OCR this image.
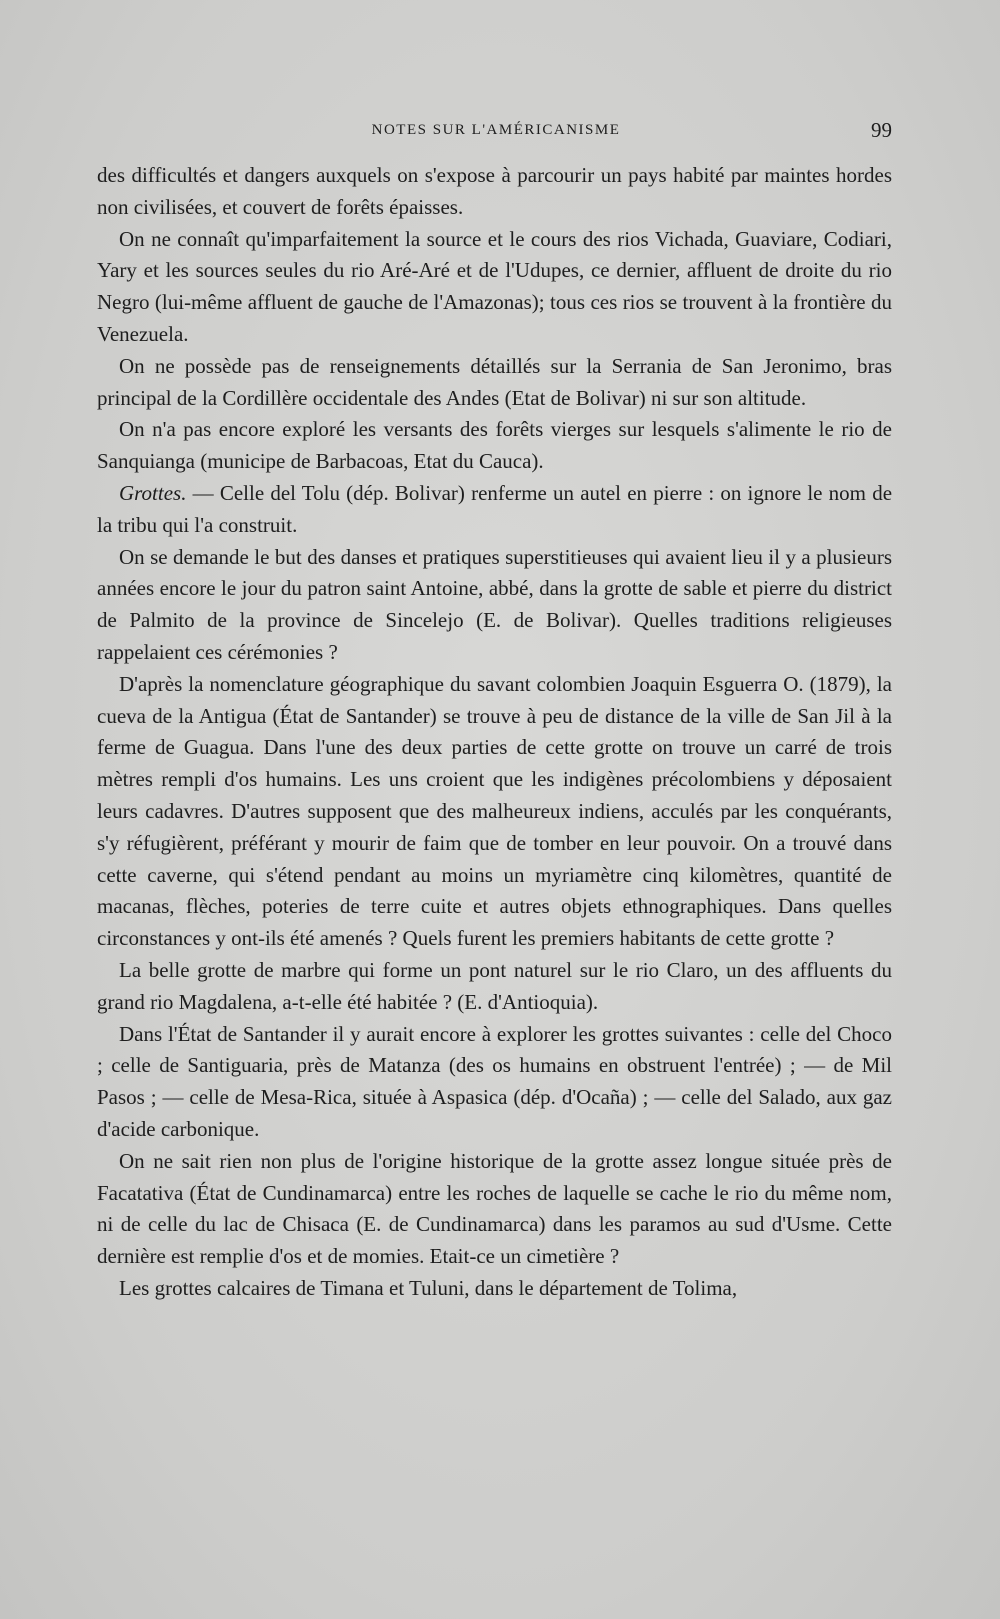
NOTES SUR L'AMÉRICANISME	99

des difficultés et dangers auxquels on s'expose à parcourir un pays habité par maintes hordes non civilisées, et couvert de forêts épaisses.

On ne connaît qu'imparfaitement la source et le cours des rios Vichada, Guaviare, Codiari, Yary et les sources seules du rio Aré-Aré et de l'Udupes, ce dernier, affluent de droite du rio Negro (lui-même affluent de gauche de l'Amazonas); tous ces rios se trouvent à la frontière du Venezuela.

On ne possède pas de renseignements détaillés sur la Serrania de San Jeronimo, bras principal de la Cordillère occidentale des Andes (Etat de Bolivar) ni sur son altitude.

On n'a pas encore exploré les versants des forêts vierges sur lesquels s'alimente le rio de Sanquianga (municipe de Barbacoas, Etat du Cauca).

Grottes. — Celle del Tolu (dép. Bolivar) renferme un autel en pierre : on ignore le nom de la tribu qui l'a construit.

On se demande le but des danses et pratiques superstitieuses qui avaient lieu il y a plusieurs années encore le jour du patron saint Antoine, abbé, dans la grotte de sable et pierre du district de Palmito de la province de Sincelejo (E. de Bolivar). Quelles traditions religieuses rappelaient ces cérémonies ?

D'après la nomenclature géographique du savant colombien Joaquin Esguerra O. (1879), la cueva de la Antigua (État de Santander) se trouve à peu de distance de la ville de San Jil à la ferme de Guagua. Dans l'une des deux parties de cette grotte on trouve un carré de trois mètres rempli d'os humains. Les uns croient que les indigènes précolombiens y déposaient leurs cadavres. D'autres supposent que des malheureux indiens, acculés par les conquérants, s'y réfugièrent, préférant y mourir de faim que de tomber en leur pouvoir. On a trouvé dans cette caverne, qui s'étend pendant au moins un myriamètre cinq kilomètres, quantité de macanas, flèches, poteries de terre cuite et autres objets ethnographiques. Dans quelles circonstances y ont-ils été amenés ? Quels furent les premiers habitants de cette grotte ?

La belle grotte de marbre qui forme un pont naturel sur le rio Claro, un des affluents du grand rio Magdalena, a-t-elle été habitée ? (E. d'Antioquia).

Dans l'État de Santander il y aurait encore à explorer les grottes suivantes : celle del Choco ; celle de Santiguaria, près de Matanza (des os humains en obstruent l'entrée) ; — de Mil Pasos ; — celle de Mesa-Rica, située à Aspasica (dép. d'Ocaña) ; — celle del Salado, aux gaz d'acide carbonique.

On ne sait rien non plus de l'origine historique de la grotte assez longue située près de Facatativa (État de Cundinamarca) entre les roches de laquelle se cache le rio du même nom, ni de celle du lac de Chisaca (E. de Cundinamarca) dans les paramos au sud d'Usme. Cette dernière est remplie d'os et de momies. Etait-ce un cimetière ?

Les grottes calcaires de Timana et Tuluni, dans le département de Tolima,
